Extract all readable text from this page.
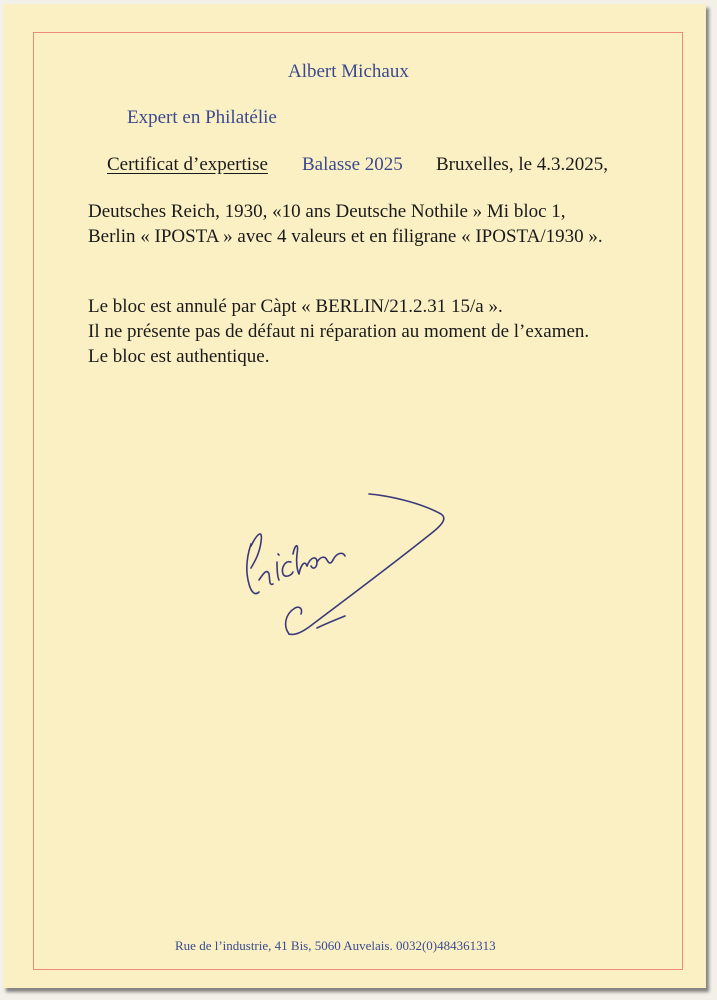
Albert Michaux

Expert en Philatélie

Certificat d’expertise Balasse 2025 Bruxelles, le 4.3.2025,

Deutsches Reich, 1930, «10 ans Deutsche Nothile » Mi bloc 1,

Berlin « IPOSTA » avec 4 valeurs et en filigrane « IPOSTA/1930 ».

Le bloc est annulé par Càpt « BERLIN/21.2.31 15/a ».

Il ne présente pas de défaut ni réparation au moment de l’examen.

Le bloc est authentique.

Rue de l’industrie, 41 Bis, 5060 Auvelais. 0032(0)484361313
